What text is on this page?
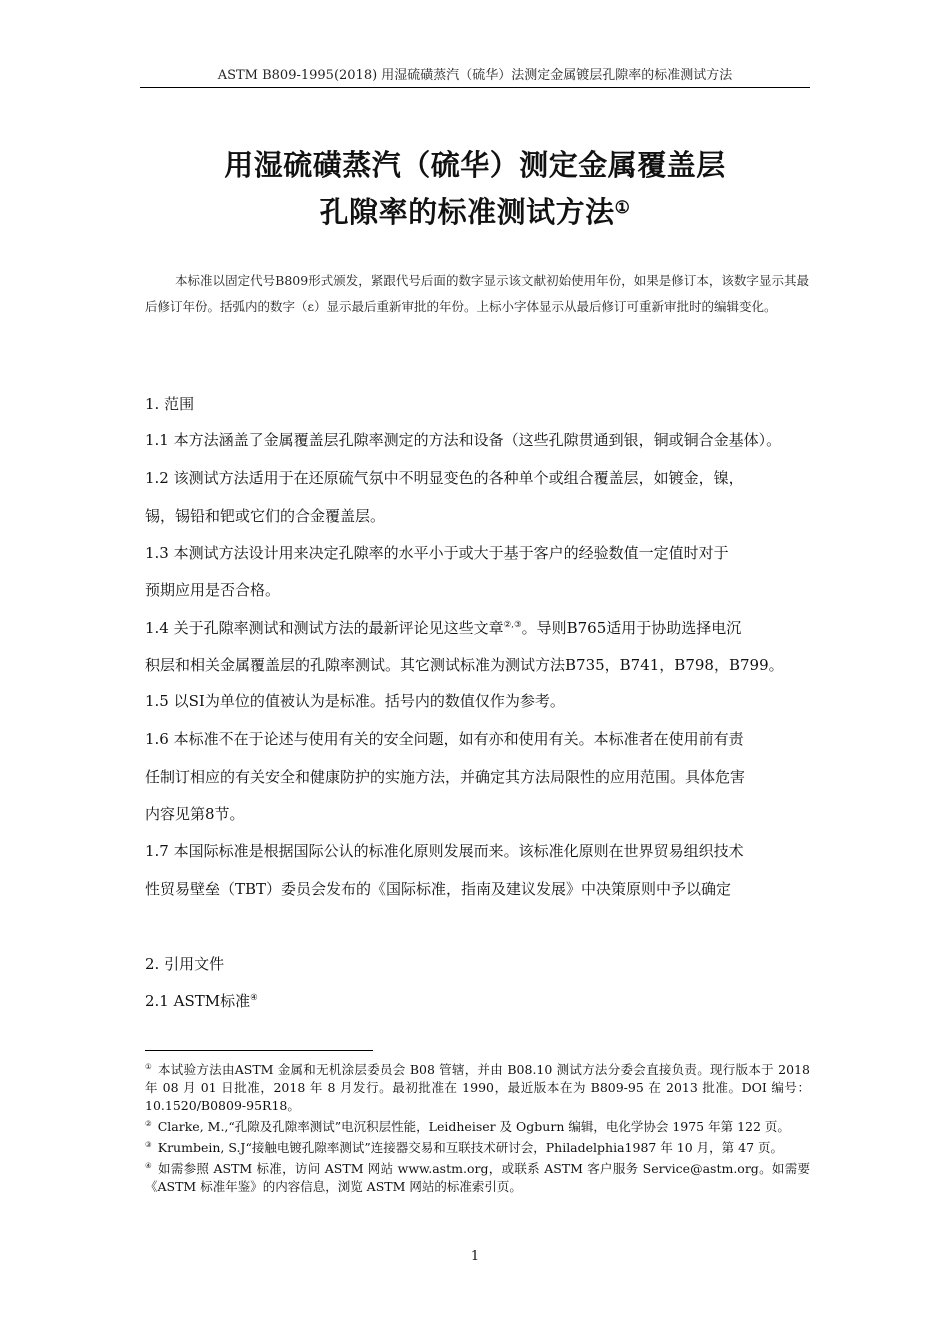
ASTM B809-1995(2018) 用湿硫磺蒸汽（硫华）法测定金属镀层孔隙率的标准测试方法
用湿硫磺蒸汽（硫华）测定金属覆盖层
孔隙率的标准测试方法①
本标准以固定代号B809形式颁发，紧跟代号后面的数字显示该文献初始使用年份，如果是修订本，该数字显示其最后修订年份。括弧内的数字（ε）显示最后重新审批的年份。上标小字体显示从最后修订可重新审批时的编辑变化。
1. 范围
1.1 本方法涵盖了金属覆盖层孔隙率测定的方法和设备（这些孔隙贯通到银，铜或铜合金基体）。
1.2 该测试方法适用于在还原硫气氛中不明显变色的各种单个或组合覆盖层，如镀金，镍，
锡，锡铅和钯或它们的合金覆盖层。
1.3 本测试方法设计用来决定孔隙率的水平小于或大于基于客户的经验数值一定值时对于
预期应用是否合格。
1.4 关于孔隙率测试和测试方法的最新评论见这些文章②,③。导则B765适用于协助选择电沉
积层和相关金属覆盖层的孔隙率测试。其它测试标准为测试方法B735，B741，B798，B799。
1.5 以SI为单位的值被认为是标准。括号内的数值仅作为参考。
1.6 本标准不在于论述与使用有关的安全问题，如有亦和使用有关。本标准者在使用前有责
任制订相应的有关安全和健康防护的实施方法，并确定其方法局限性的应用范围。具体危害
内容见第8节。
1.7 本国际标准是根据国际公认的标准化原则发展而来。该标准化原则在世界贸易组织技术
性贸易壁垒（TBT）委员会发布的《国际标准，指南及建议发展》中决策原则中予以确定
2. 引用文件
2.1 ASTM标准④

① 本试验方法由ASTM 金属和无机涂层委员会 B08 管辖，并由 B08.10 测试方法分委会直接负责。现行版本于 2018 年 08 月 01 日批准，2018 年 8 月发行。最初批准在 1990，最近版本在为 B809-95 在 2013 批准。DOI 编号：10.1520/B0809-95R18。

② Clarke, M.,“孔隙及孔隙率测试”电沉积层性能，Leidheiser 及 Ogburn 编辑，电化学协会 1975 年第 122 页。

③ Krumbein, S.J“接触电镀孔隙率测试”连接器交易和互联技术研讨会，Philadelphia1987 年 10 月，第 47 页。

④ 如需参照 ASTM 标准，访问 ASTM 网站 www.astm.org，或联系 ASTM 客户服务 Service@astm.org。如需要《ASTM 标准年鉴》的内容信息，浏览 ASTM 网站的标准索引页。

1
